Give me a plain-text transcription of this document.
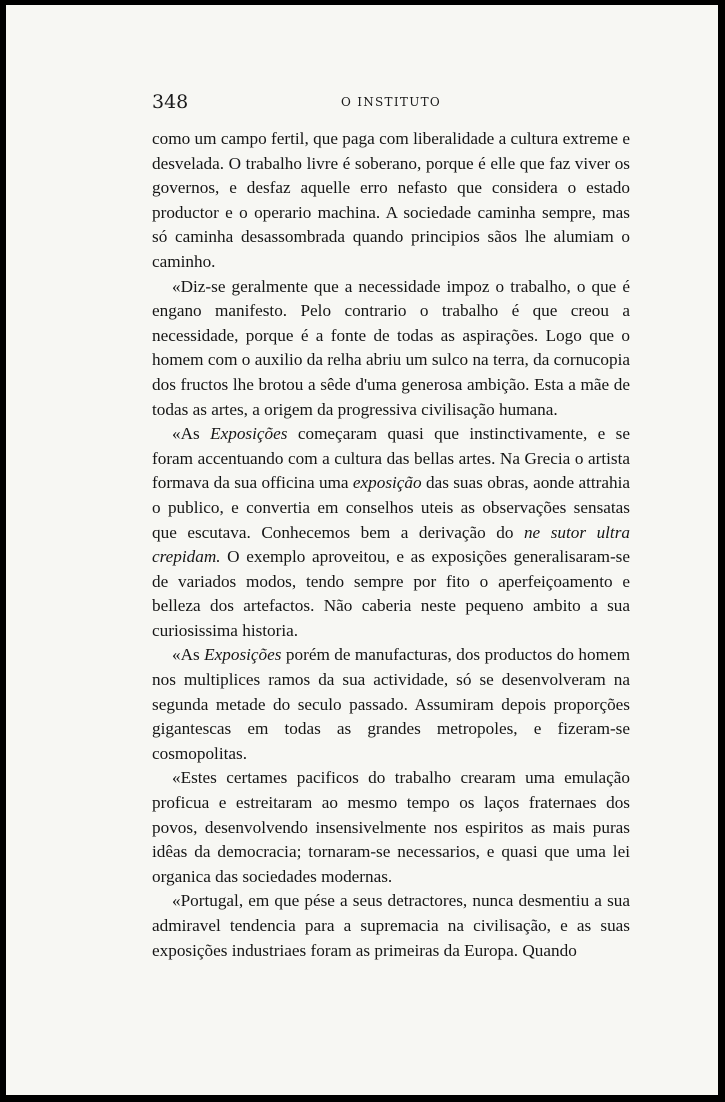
348	O INSTITUTO

como um campo fertil, que paga com liberalidade a cultura extreme e desvelada. O trabalho livre é soberano, porque é elle que faz viver os governos, e desfaz aquelle erro nefasto que considera o estado productor e o operario machina. A sociedade caminha sempre, mas só caminha desassombrada quando principios sãos lhe alumiam o caminho.

«Diz-se geralmente que a necessidade impoz o trabalho, o que é engano manifesto. Pelo contrario o trabalho é que creou a necessidade, porque é a fonte de todas as aspirações. Logo que o homem com o auxilio da relha abriu um sulco na terra, da cornucopia dos fructos lhe brotou a sêde d'uma generosa ambição. Esta a mãe de todas as artes, a origem da progressiva civilisação humana.

«As Exposições começaram quasi que instinctivamente, e se foram accentuando com a cultura das bellas artes. Na Grecia o artista formava da sua officina uma exposição das suas obras, aonde attrahia o publico, e convertia em conselhos uteis as observações sensatas que escutava. Conhecemos bem a derivação do ne sutor ultra crepidam. O exemplo aproveitou, e as exposições generalisaram-se de variados modos, tendo sempre por fito o aperfeiçoamento e belleza dos artefactos. Não caberia neste pequeno ambito a sua curiosissima historia.

«As Exposições porém de manufacturas, dos productos do homem nos multiplices ramos da sua actividade, só se desenvolveram na segunda metade do seculo passado. Assumiram depois proporções gigantescas em todas as grandes metropoles, e fizeram-se cosmopolitas.

«Estes certames pacificos do trabalho crearam uma emulação proficua e estreitaram ao mesmo tempo os laços fraternaes dos povos, desenvolvendo insensivelmente nos espiritos as mais puras idêas da democracia; tornaram-se necessarios, e quasi que uma lei organica das sociedades modernas.

«Portugal, em que pése a seus detractores, nunca desmentiu a sua admiravel tendencia para a supremacia na civilisação, e as suas exposições industriaes foram as primeiras da Europa. Quando
